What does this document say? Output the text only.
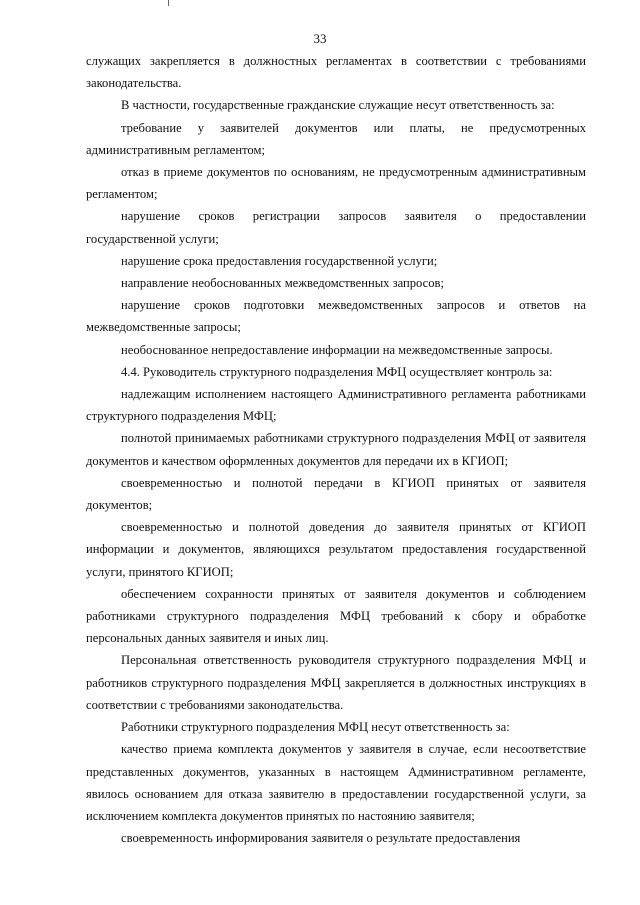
33

служащих закрепляется в должностных регламентах в соответствии с требованиями законодательства.

В частности, государственные гражданские служащие несут ответственность за:

требование у заявителей документов или платы, не предусмотренных административным регламентом;

отказ в приеме документов по основаниям, не предусмотренным административным регламентом;

нарушение сроков регистрации запросов заявителя о предоставлении государственной услуги;

нарушение срока предоставления государственной услуги;

направление необоснованных межведомственных запросов;

нарушение сроков подготовки межведомственных запросов и ответов на межведомственные запросы;

необоснованное непредоставление информации на межведомственные запросы.

4.4. Руководитель структурного подразделения МФЦ осуществляет контроль за:

надлежащим исполнением настоящего Административного регламента работниками структурного подразделения МФЦ;

полнотой принимаемых работниками структурного подразделения МФЦ от заявителя документов и качеством оформленных документов для передачи их в КГИОП;

своевременностью и полнотой передачи в КГИОП принятых от заявителя документов;

своевременностью и полнотой доведения до заявителя принятых от КГИОП информации и документов, являющихся результатом предоставления государственной услуги, принятого КГИОП;

обеспечением сохранности принятых от заявителя документов и соблюдением работниками структурного подразделения МФЦ требований к сбору и обработке персональных данных заявителя и иных лиц.

Персональная ответственность руководителя структурного подразделения МФЦ и работников структурного подразделения МФЦ закрепляется в должностных инструкциях в соответствии с требованиями законодательства.

Работники структурного подразделения МФЦ несут ответственность за:

качество приема комплекта документов у заявителя в случае, если несоответствие представленных документов, указанных в настоящем Административном регламенте, явилось основанием для отказа заявителю в предоставлении государственной услуги, за исключением комплекта документов принятых по настоянию заявителя;

своевременность информирования заявителя о результате предоставления
